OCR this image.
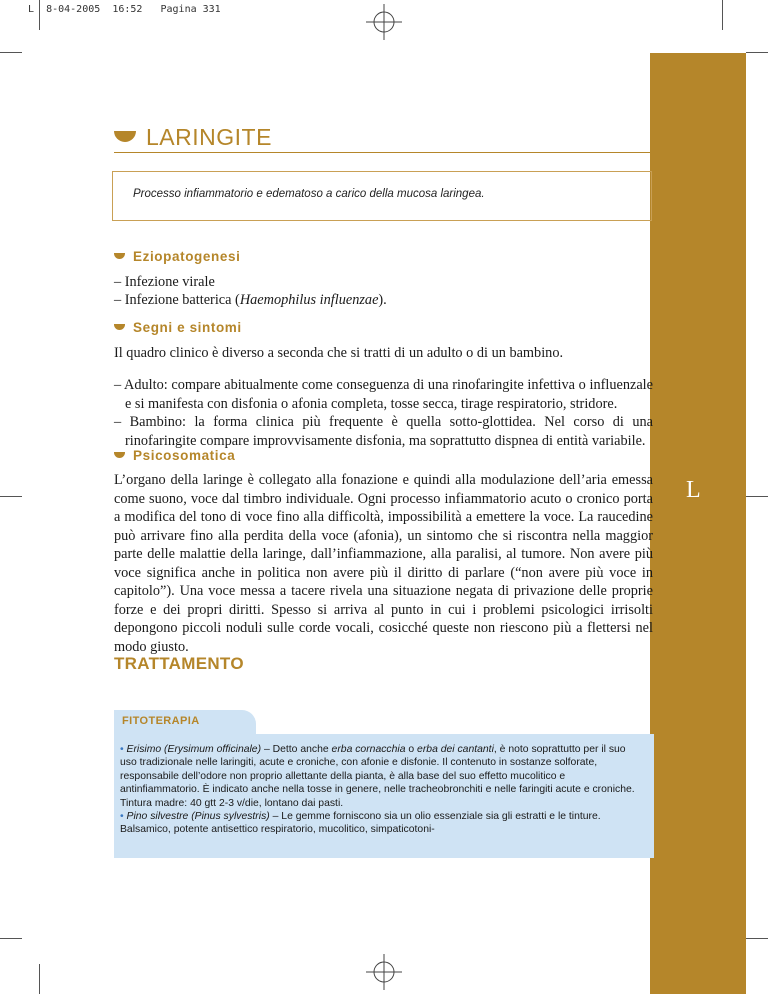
L 8-04-2005 16:52 Pagina 331
L
LARINGITE
Processo infiammatorio e edematoso a carico della mucosa laringea.
Eziopatogenesi
– Infezione virale
– Infezione batterica (Haemophilus influenzae).
Segni e sintomi
Il quadro clinico è diverso a seconda che si tratti di un adulto o di un bambino.
– Adulto: compare abitualmente come conseguenza di una rinofaringite infettiva o influenzale e si manifesta con disfonia o afonia completa, tosse secca, tirage respiratorio, stridore.
– Bambino: la forma clinica più frequente è quella sotto-glottidea. Nel corso di una rinofaringite compare improvvisamente disfonia, ma soprattutto dispnea di entità variabile.
Psicosomatica
L’organo della laringe è collegato alla fonazione e quindi alla modulazione dell’aria emessa come suono, voce dal timbro individuale. Ogni processo infiammatorio acuto o cronico porta a modifica del tono di voce fino alla difficoltà, impossibilità a emettere la voce. La raucedine può arrivare fino alla perdita della voce (afonia), un sintomo che si riscontra nella maggior parte delle malattie della laringe, dall’infiammazione, alla paralisi, al tumore. Non avere più voce significa anche in politica non avere più il diritto di parlare (“non avere più voce in capitolo”). Una voce messa a tacere rivela una situazione negata di privazione delle proprie forze e dei propri diritti. Spesso si arriva al punto in cui i problemi psicologici irrisolti depongono piccoli noduli sulle corde vocali, cosicché queste non riescono più a flettersi nel modo giusto.
TRATTAMENTO
FITOTERAPIA
• Erisimo (Erysimum officinale) – Detto anche erba cornacchia o erba dei cantanti, è noto soprattutto per il suo uso tradizionale nelle laringiti, acute e croniche, con afonie e disfonie. Il contenuto in sostanze solforate, responsabile dell’odore non proprio allettante della pianta, è alla base del suo effetto mucolitico e antinfiammatorio. È indicato anche nella tosse in genere, nelle tracheobronchiti e nelle faringiti acute e croniche. Tintura madre: 40 gtt 2-3 v/die, lontano dai pasti.
• Pino silvestre (Pinus sylvestris) – Le gemme forniscono sia un olio essenziale sia gli estratti e le tinture. Balsamico, potente antisettico respiratorio, mucolitico, simpaticotoni-
